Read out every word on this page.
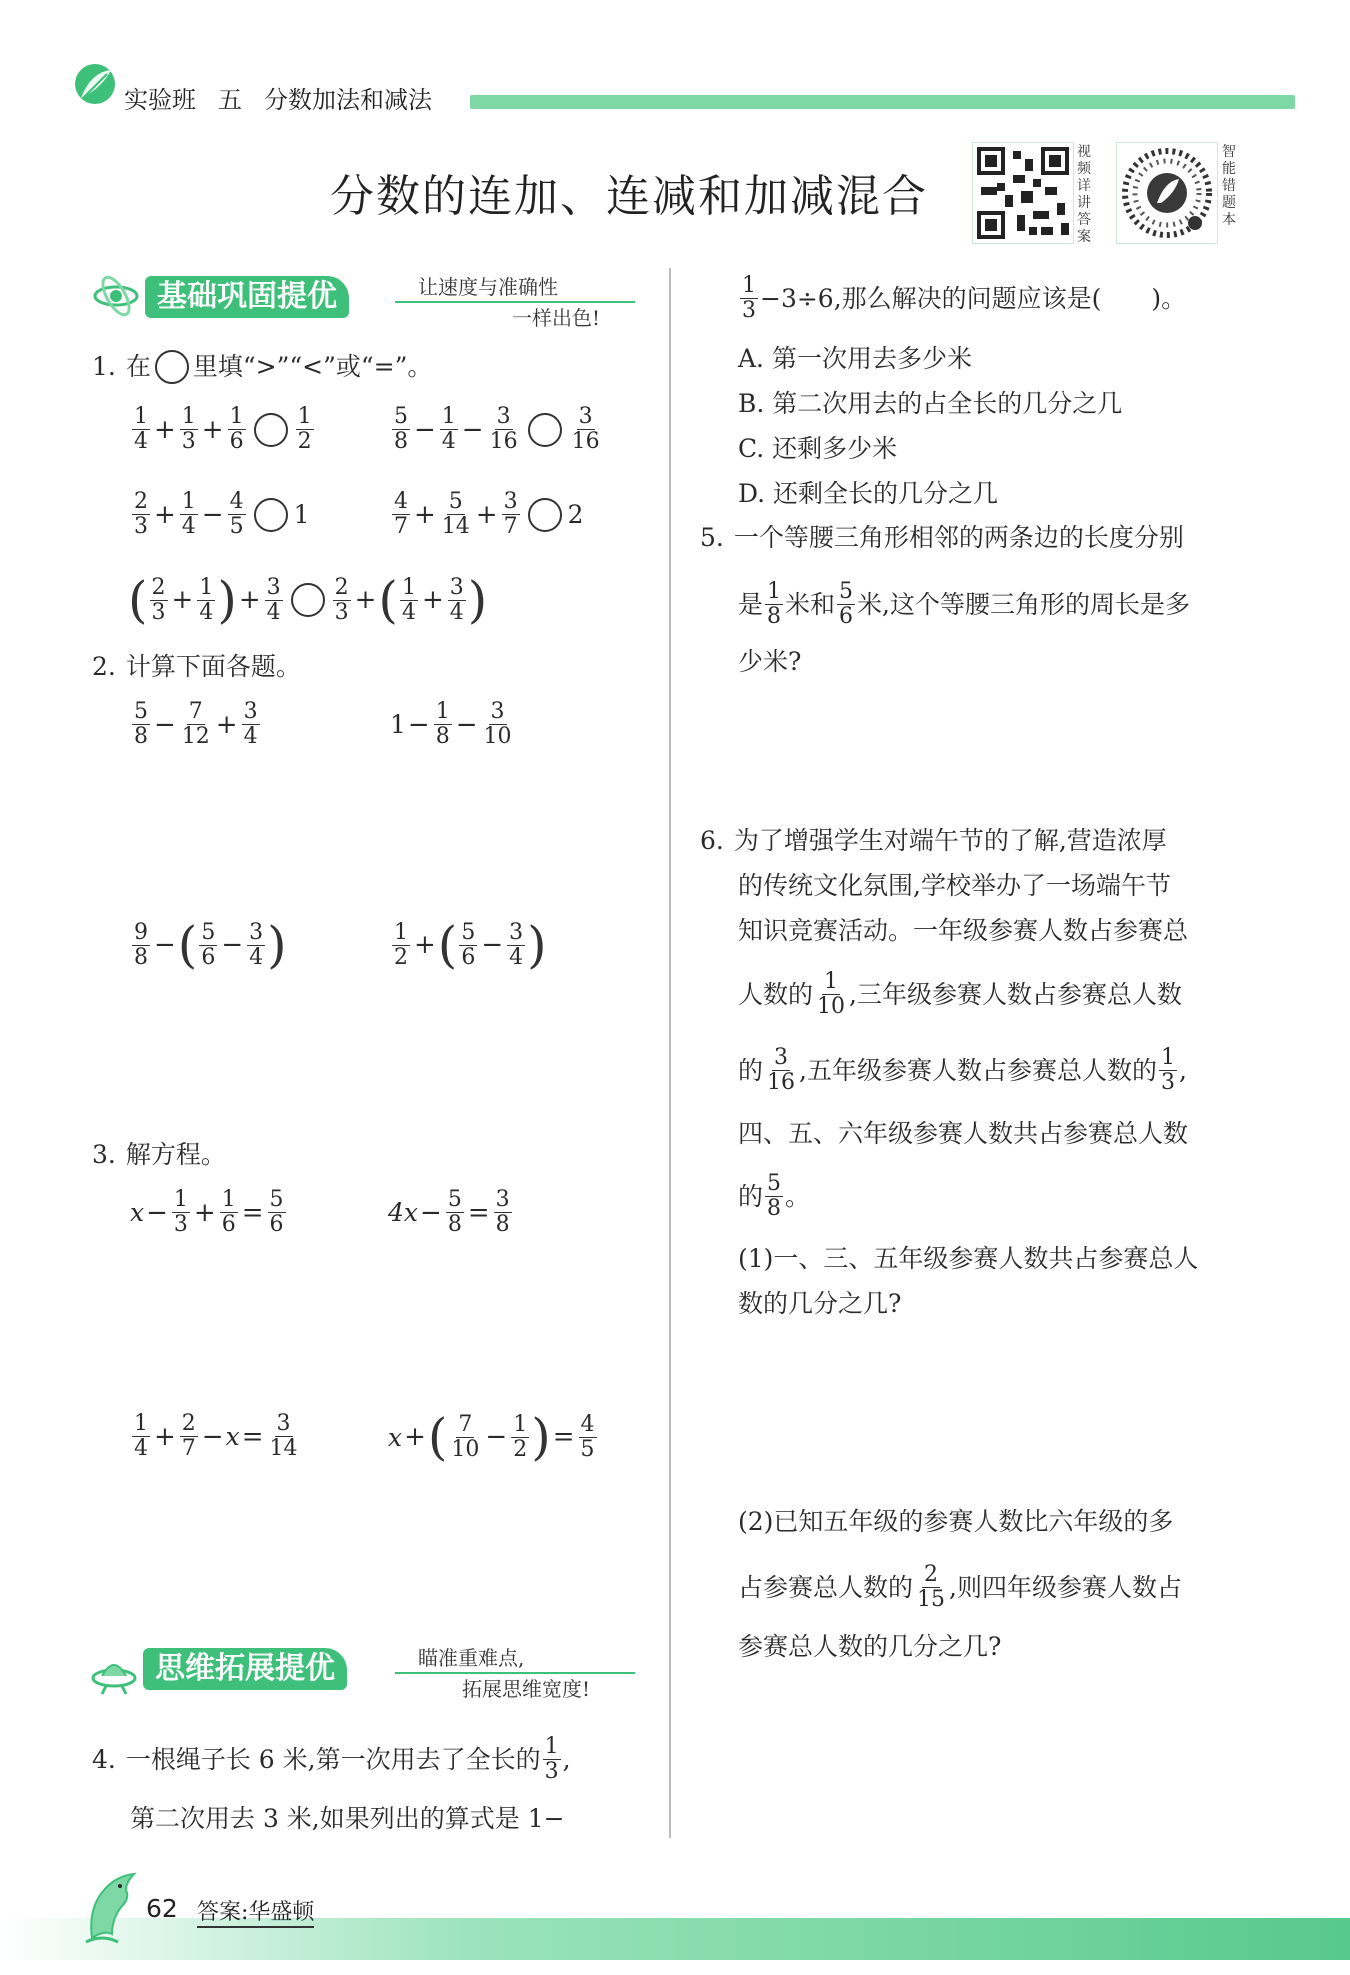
实验班 五 分数加法和减法
分数的连加、连减和加减混合
视频详讲答案
智能错题本
基础巩固提优	让速度与准确性
一样出色!
1. 在 里填“>”“<”或“=”。
$\frac{1}{4} + \frac{1}{3} + \frac{1}{6} \frac{1}{2}$	$\frac{5}{8} - \frac{1}{4} - \frac{3}{16} \frac{3}{16}$
$\frac{2}{3} + \frac{1}{4} - \frac{4}{5} 1$	$\frac{4}{7} + \frac{5}{14} + \frac{3}{7} 2$
( $\frac{2}{3} + \frac{1}{4}$ ) + $\frac{3}{4} \frac{2}{3}$ + ( $\frac{1}{4} + \frac{3}{4}$ )
2. 计算下面各题。
$\frac{5}{8} - \frac{7}{12} + \frac{3}{4}$	$1 - \frac{1}{8} - \frac{3}{10}$
$\frac{9}{8}$ − ( $\frac{5}{6} - \frac{3}{4}$ )	$\frac{1}{2}$ + ( $\frac{5}{6} - \frac{3}{4}$ )
3. 解方程。
$x - \frac{1}{3} + \frac{1}{6} = \frac{5}{6}$	$4x - \frac{5}{8} = \frac{3}{8}$
$\frac{1}{4} + \frac{2}{7} - x = \frac{3}{14}$	x + ( $\frac{7}{10} - \frac{1}{2}$ ) = $\frac{4}{5}$
思维拓展提优	瞄准重难点,
拓展思维宽度!
4. 一根绳子长 6 米,第一次用去了全长的 $\frac{1}{3}$ ,
第二次用去 3 米,如果列出的算式是 1−
$\frac{1}{3} -3\div 6$,那么解决的问题应该是(　　)。
A. 第一次用去多少米
B. 第二次用去的占全长的几分之几
C. 还剩多少米
D. 还剩全长的几分之几
5. 一个等腰三角形相邻的两条边的长度分别
是 $\frac{1}{8}$ 米和 $\frac{5}{6}$ 米,这个等腰三角形的周长是多
少米?
6. 为了增强学生对端午节的了解,营造浓厚
的传统文化氛围,学校举办了一场端午节
知识竞赛活动。一年级参赛人数占参赛总
人数的 $\frac{1}{10}$ ,三年级参赛人数占参赛总人数
的 $\frac{3}{16}$ ,五年级参赛人数占参赛总人数的 $\frac{1}{3}$ ,
四、五、六年级参赛人数共占参赛总人数
的 $\frac{5}{8}$ 。
(1)一、三、五年级参赛人数共占参赛总人
数的几分之几?
(2)已知五年级的参赛人数比六年级的多
占参赛总人数的 $\frac{2}{15}$ ,则四年级参赛人数占
参赛总人数的几分之几?
62 答案:华盛顿
